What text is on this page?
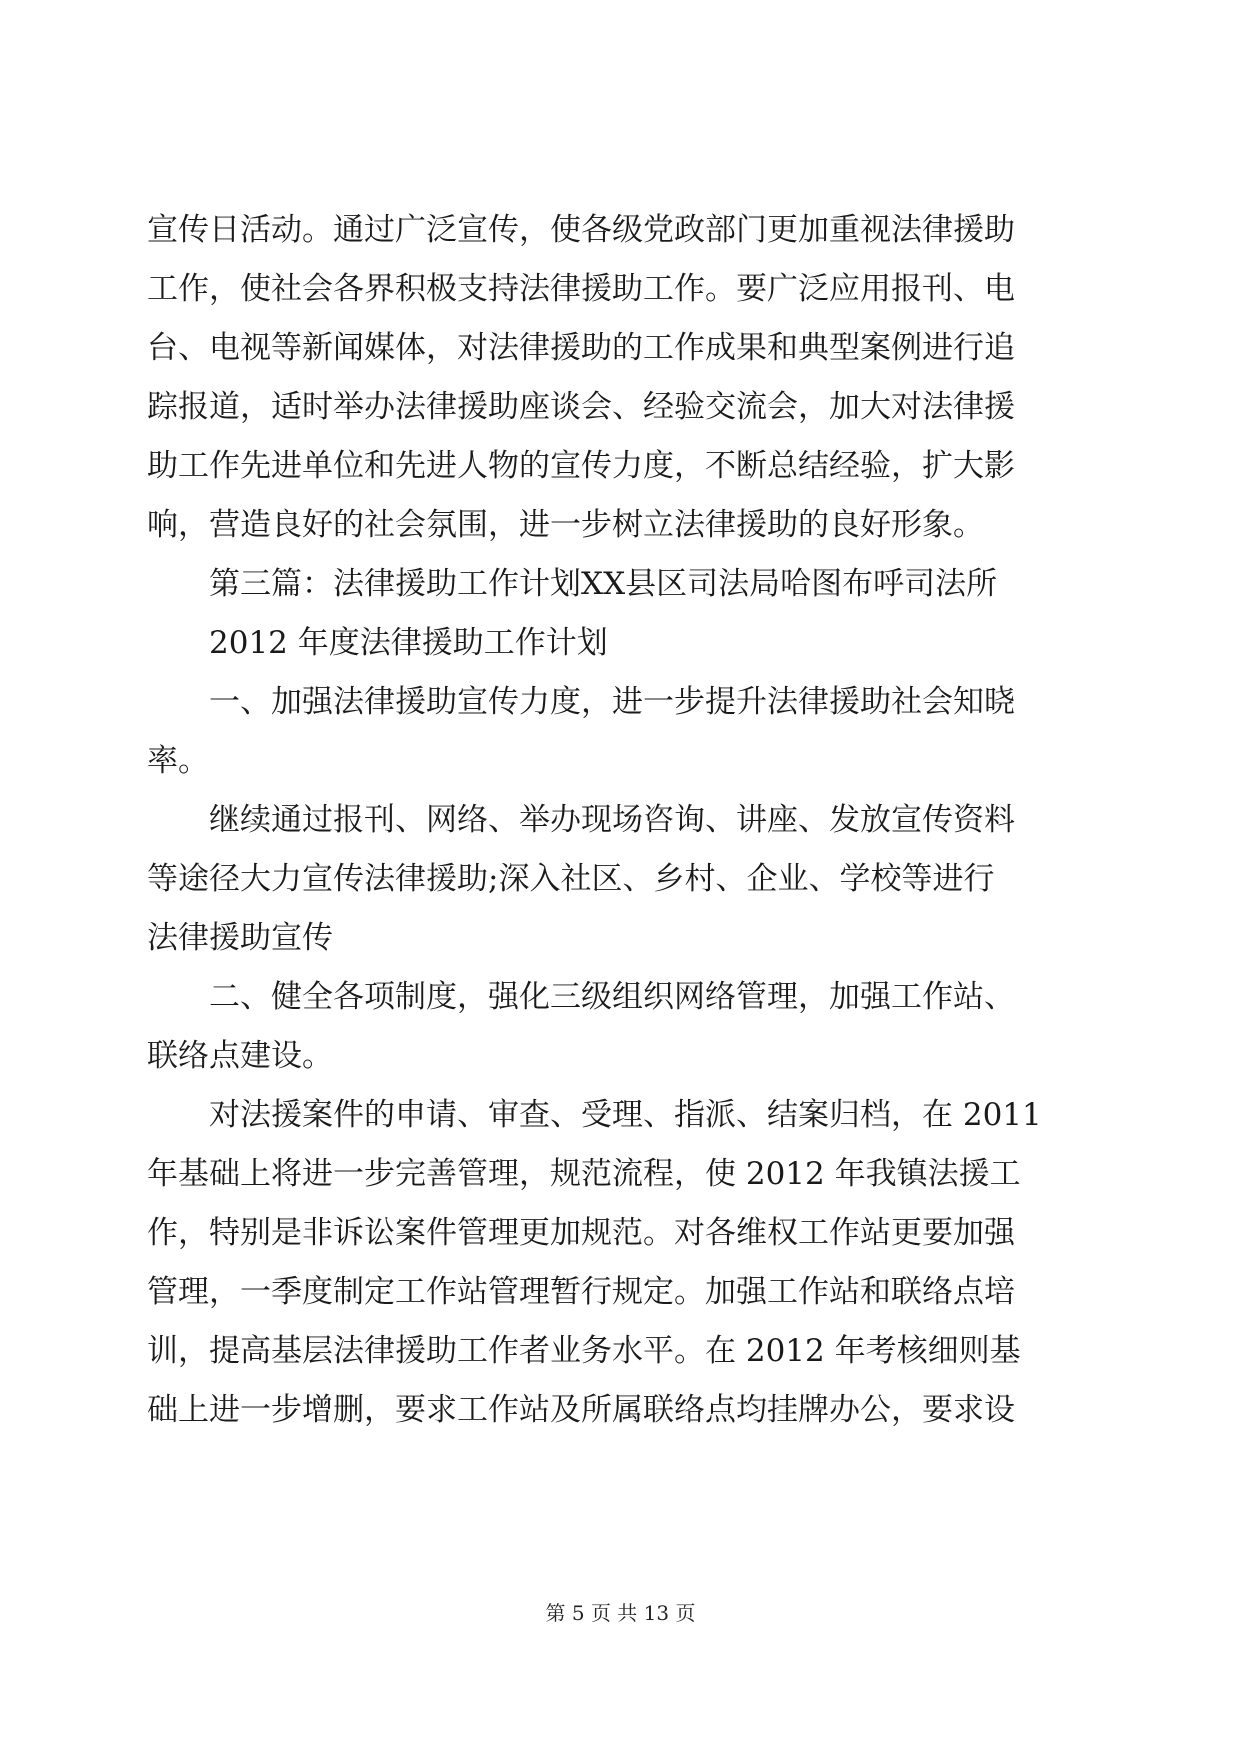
宣传日活动。通过广泛宣传，使各级党政部门更加重视法律援助
工作，使社会各界积极支持法律援助工作。要广泛应用报刊、电
台、电视等新闻媒体，对法律援助的工作成果和典型案例进行追
踪报道，适时举办法律援助座谈会、经验交流会，加大对法律援
助工作先进单位和先进人物的宣传力度，不断总结经验，扩大影
响，营造良好的社会氛围，进一步树立法律援助的良好形象。
第三篇：法律援助工作计划XX县区司法局哈图布呼司法所
2012 年度法律援助工作计划
一、加强法律援助宣传力度，进一步提升法律援助社会知晓
率。
继续通过报刊、网络、举办现场咨询、讲座、发放宣传资料
等途径大力宣传法律援助;深入社区、乡村、企业、学校等进行
法律援助宣传
二、健全各项制度，强化三级组织网络管理，加强工作站、
联络点建设。
对法援案件的申请、审查、受理、指派、结案归档，在 2011
年基础上将进一步完善管理，规范流程，使 2012 年我镇法援工
作，特别是非诉讼案件管理更加规范。对各维权工作站更要加强
管理，一季度制定工作站管理暂行规定。加强工作站和联络点培
训，提高基层法律援助工作者业务水平。在 2012 年考核细则基
础上进一步增删，要求工作站及所属联络点均挂牌办公，要求设
第 5 页 共 13 页
